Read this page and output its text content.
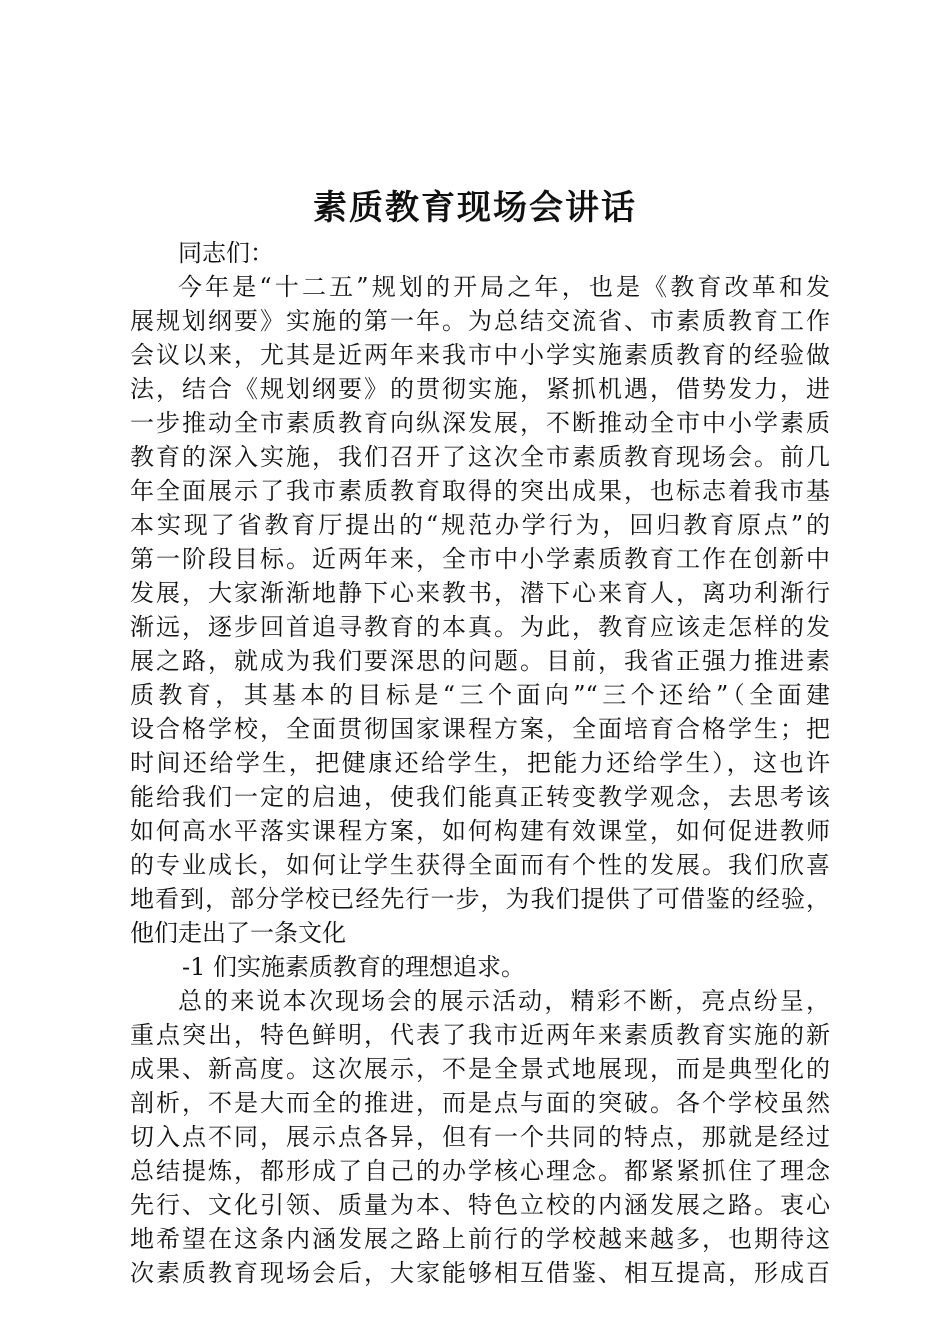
素质教育现场会讲话
同志们：
今年是“十二五”规划的开局之年，也是《教育改革和发
展规划纲要》实施的第一年。为总结交流省、市素质教育工作
会议以来，尤其是近两年来我市中小学实施素质教育的经验做
法，结合《规划纲要》的贯彻实施，紧抓机遇，借势发力，进
一步推动全市素质教育向纵深发展，不断推动全市中小学素质
教育的深入实施，我们召开了这次全市素质教育现场会。前几
年全面展示了我市素质教育取得的突出成果，也标志着我市基
本实现了省教育厅提出的“规范办学行为，回归教育原点”的
第一阶段目标。近两年来，全市中小学素质教育工作在创新中
发展，大家渐渐地静下心来教书，潜下心来育人，离功利渐行
渐远，逐步回首追寻教育的本真。为此，教育应该走怎样的发
展之路，就成为我们要深思的问题。目前，我省正强力推进素
质教育，其基本的目标是“三个面向”“三个还给”（全面建
设合格学校，全面贯彻国家课程方案，全面培育合格学生；把
时间还给学生，把健康还给学生，把能力还给学生），这也许
能给我们一定的启迪，使我们能真正转变教学观念，去思考该
如何高水平落实课程方案，如何构建有效课堂，如何促进教师
的专业成长，如何让学生获得全面而有个性的发展。我们欣喜
地看到，部分学校已经先行一步，为我们提供了可借鉴的经验，
他们走出了一条文化
-1 们实施素质教育的理想追求。
总的来说本次现场会的展示活动，精彩不断，亮点纷呈，
重点突出，特色鲜明，代表了我市近两年来素质教育实施的新
成果、新高度。这次展示，不是全景式地展现，而是典型化的
剖析，不是大而全的推进，而是点与面的突破。各个学校虽然
切入点不同，展示点各异，但有一个共同的特点，那就是经过
总结提炼，都形成了自己的办学核心理念。都紧紧抓住了理念
先行、文化引领、质量为本、特色立校的内涵发展之路。衷心
地希望在这条内涵发展之路上前行的学校越来越多，也期待这
次素质教育现场会后，大家能够相互借鉴、相互提高，形成百
